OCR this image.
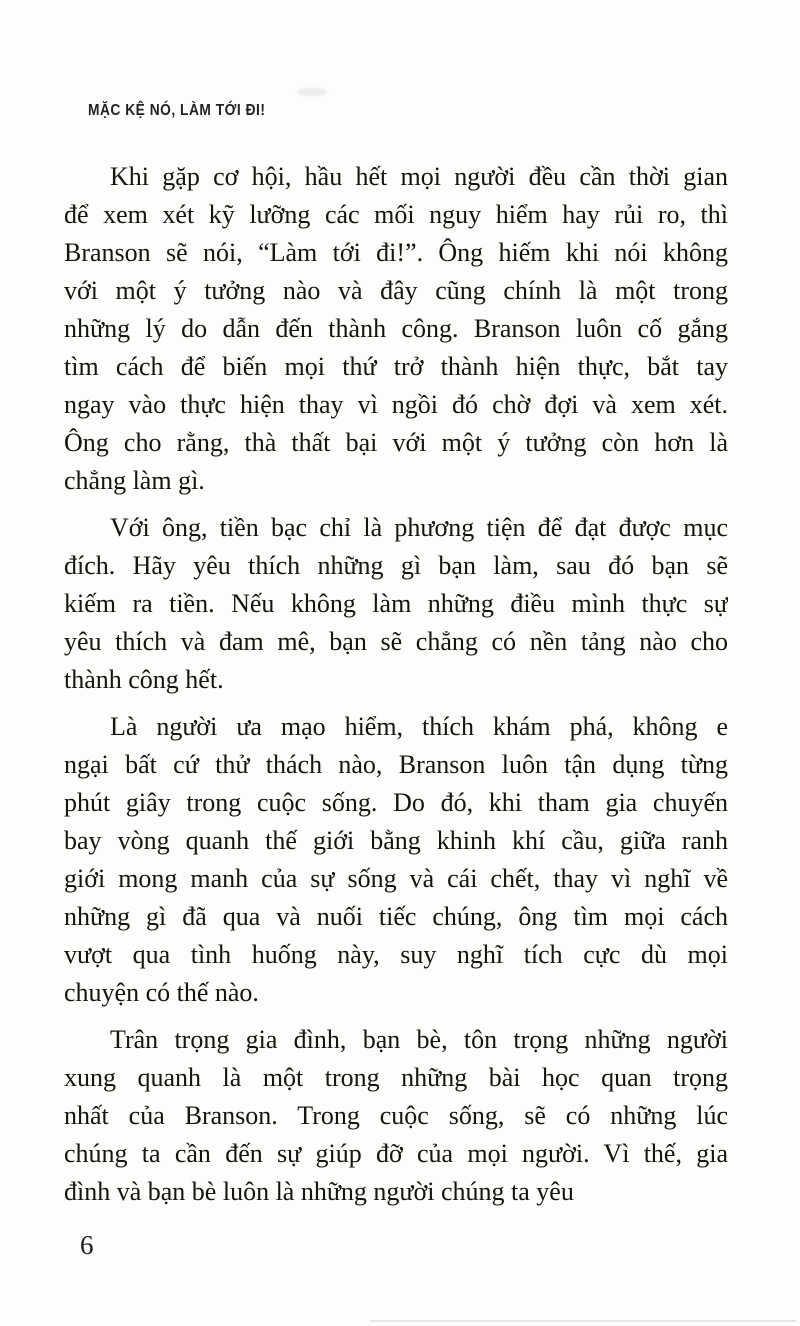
MẶC KỆ NÓ, LÀM TỚI ĐI!
Khi gặp cơ hội, hầu hết mọi người đều cần thời gian
để xem xét kỹ lưỡng các mối nguy hiểm hay rủi ro, thì
Branson sẽ nói, “Làm tới đi!”. Ông hiếm khi nói không
với một ý tưởng nào và đây cũng chính là một trong
những lý do dẫn đến thành công. Branson luôn cố gắng
tìm cách để biến mọi thứ trở thành hiện thực, bắt tay
ngay vào thực hiện thay vì ngồi đó chờ đợi và xem xét.
Ông cho rằng, thà thất bại với một ý tưởng còn hơn là
chẳng làm gì.
Với ông, tiền bạc chỉ là phương tiện để đạt được mục
đích. Hãy yêu thích những gì bạn làm, sau đó bạn sẽ
kiếm ra tiền. Nếu không làm những điều mình thực sự
yêu thích và đam mê, bạn sẽ chẳng có nền tảng nào cho
thành công hết.
Là người ưa mạo hiểm, thích khám phá, không e
ngại bất cứ thử thách nào, Branson luôn tận dụng từng
phút giây trong cuộc sống. Do đó, khi tham gia chuyến
bay vòng quanh thế giới bằng khinh khí cầu, giữa ranh
giới mong manh của sự sống và cái chết, thay vì nghĩ về
những gì đã qua và nuối tiếc chúng, ông tìm mọi cách
vượt qua tình huống này, suy nghĩ tích cực dù mọi
chuyện có thế nào.
Trân trọng gia đình, bạn bè, tôn trọng những người
xung quanh là một trong những bài học quan trọng
nhất của Branson. Trong cuộc sống, sẽ có những lúc
chúng ta cần đến sự giúp đỡ của mọi người. Vì thế, gia
đình và bạn bè luôn là những người chúng ta yêu
6
